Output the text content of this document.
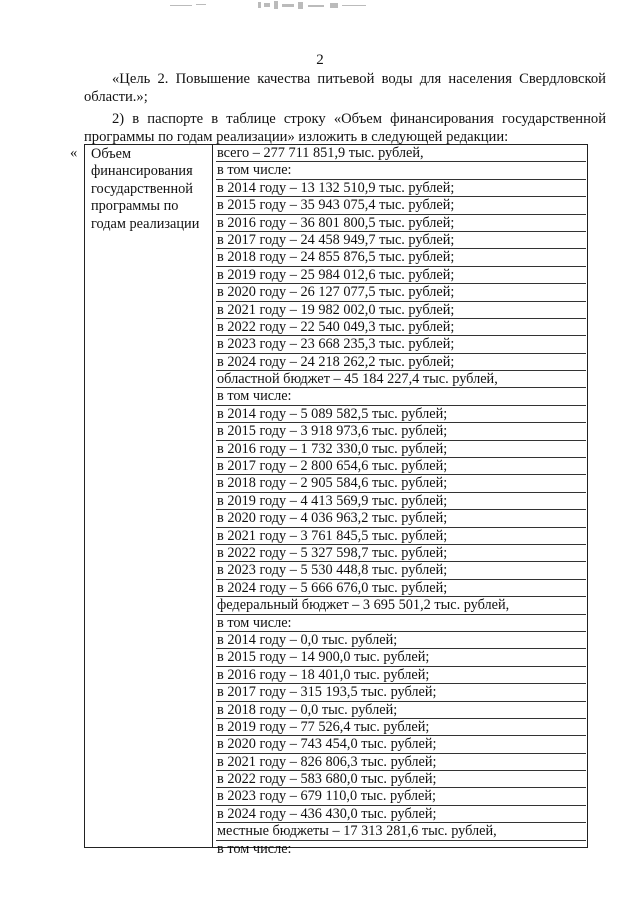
2
«Цель 2. Повышение качества питьевой воды для населения Свердловской области.»;
2) в паспорте в таблице строку «Объем финансирования государственной программы по годам реализации» изложить в следующей редакции:
« Объем
финансирования
государственной
программы по
годам реализации
всего – 277 711 851,9 тыс. рублей,
в том числе:
в 2014 году – 13 132 510,9 тыс. рублей;
в 2015 году – 35 943 075,4 тыс. рублей;
в 2016 году – 36 801 800,5 тыс. рублей;
в 2017 году – 24 458 949,7 тыс. рублей;
в 2018 году – 24 855 876,5 тыс. рублей;
в 2019 году – 25 984 012,6 тыс. рублей;
в 2020 году – 26 127 077,5 тыс. рублей;
в 2021 году – 19 982 002,0 тыс. рублей;
в 2022 году – 22 540 049,3 тыс. рублей;
в 2023 году – 23 668 235,3 тыс. рублей;
в 2024 году – 24 218 262,2 тыс. рублей;
областной бюджет – 45 184 227,4 тыс. рублей,
в том числе:
в 2014 году – 5 089 582,5 тыс. рублей;
в 2015 году – 3 918 973,6 тыс. рублей;
в 2016 году – 1 732 330,0 тыс. рублей;
в 2017 году – 2 800 654,6 тыс. рублей;
в 2018 году – 2 905 584,6 тыс. рублей;
в 2019 году – 4 413 569,9 тыс. рублей;
в 2020 году – 4 036 963,2 тыс. рублей;
в 2021 году – 3 761 845,5 тыс. рублей;
в 2022 году – 5 327 598,7 тыс. рублей;
в 2023 году – 5 530 448,8 тыс. рублей;
в 2024 году – 5 666 676,0 тыс. рублей;
федеральный бюджет – 3 695 501,2 тыс. рублей,
в том числе:
в 2014 году – 0,0 тыс. рублей;
в 2015 году – 14 900,0 тыс. рублей;
в 2016 году – 18 401,0 тыс. рублей;
в 2017 году – 315 193,5 тыс. рублей;
в 2018 году – 0,0 тыс. рублей;
в 2019 году – 77 526,4 тыс. рублей;
в 2020 году – 743 454,0 тыс. рублей;
в 2021 году – 826 806,3 тыс. рублей;
в 2022 году – 583 680,0 тыс. рублей;
в 2023 году – 679 110,0 тыс. рублей;
в 2024 году – 436 430,0 тыс. рублей;
местные бюджеты – 17 313 281,6 тыс. рублей,
в том числе:
